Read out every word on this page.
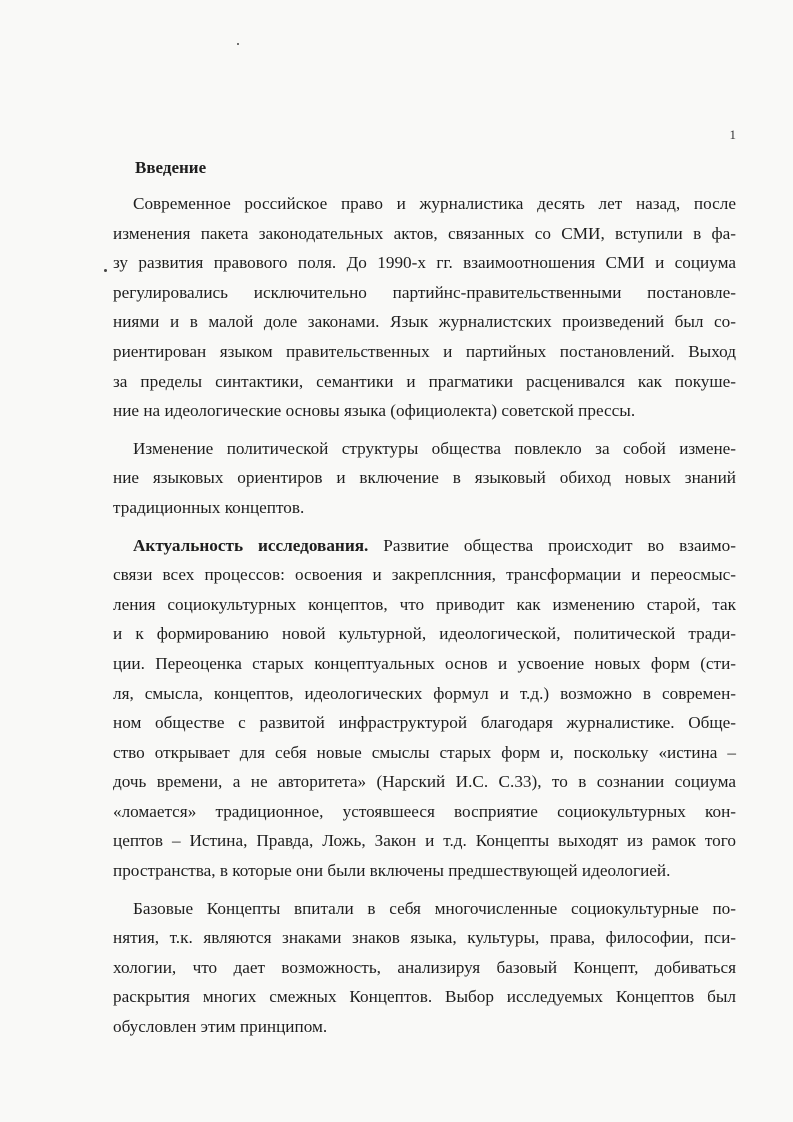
1
Введение
Современное российское право и журналистика десять лет назад, после
изменения пакета законодательных актов, связанных со СМИ, вступили в фа-
зу развития правового поля. До 1990-х гг. взаимоотношения СМИ и социума
регулировались исключительно партийнс-правительственными постановле-
ниями и в малой доле законами. Язык журналистских произведений был со-
риентирован языком правительственных и партийных постановлений. Выход
за пределы синтактики, семантики и прагматики расценивался как покуше-
ние на идеологические основы языка (официолекта) советской прессы.
Изменение политической структуры общества повлекло за собой измене-
ние языковых ориентиров и включение в языковый обиход новых знаний
традиционных концептов.
Актуальность исследования. Развитие общества происходит во взаимо-
связи всех процессов: освоения и закреплснния, трансформации и переосмыс-
ления социокультурных концептов, что приводит как изменению старой, так
и к формированию новой культурной, идеологической, политической тради-
ции. Переоценка старых концептуальных основ и усвоение новых форм (сти-
ля, смысла, концептов, идеологических формул и т.д.) возможно в современ-
ном обществе с развитой инфраструктурой благодаря журналистике. Обще-
ство открывает для себя новые смыслы старых форм и, поскольку «истина –
дочь времени, а не авторитета» (Нарский И.С. С.33), то в сознании социума
«ломается» традиционное, устоявшееся восприятие социокультурных кон-
цептов – Истина, Правда, Ложь, Закон и т.д. Концепты выходят из рамок того
пространства, в которые они были включены предшествующей идеологией.
Базовые Концепты впитали в себя многочисленные социокультурные по-
нятия, т.к. являются знаками знаков языка, культуры, права, философии, пси-
хологии, что дает возможность, анализируя базовый Концепт, добиваться
раскрытия многих смежных Концептов. Выбор исследуемых Концептов был
обусловлен этим принципом.
